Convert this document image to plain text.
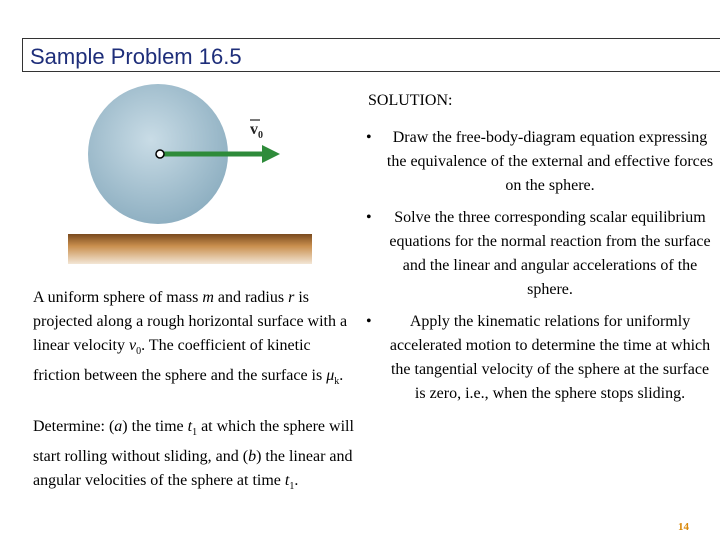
Sample Problem 16.5
$v_0$
SOLUTION:
• Draw the free-body-diagram equation expressing the equivalence of the external and effective forces on the sphere.
• Solve the three corresponding scalar equilibrium equations for the normal reaction from the surface and the linear and angular accelerations of the sphere.
• Apply the kinematic relations for uniformly accelerated motion to determine the time at which the tangential velocity of the sphere at the surface is zero, i.e., when the sphere stops sliding.

A uniform sphere of mass m and radius r is projected along a rough horizontal surface with a linear velocity $v_0$. The coefficient of kinetic friction between the sphere and the surface is $\mu_k$.

Determine: (a) the time $t_1$ at which the sphere will start rolling without sliding, and (b) the linear and angular velocities of the sphere at time $t_1$.

14
